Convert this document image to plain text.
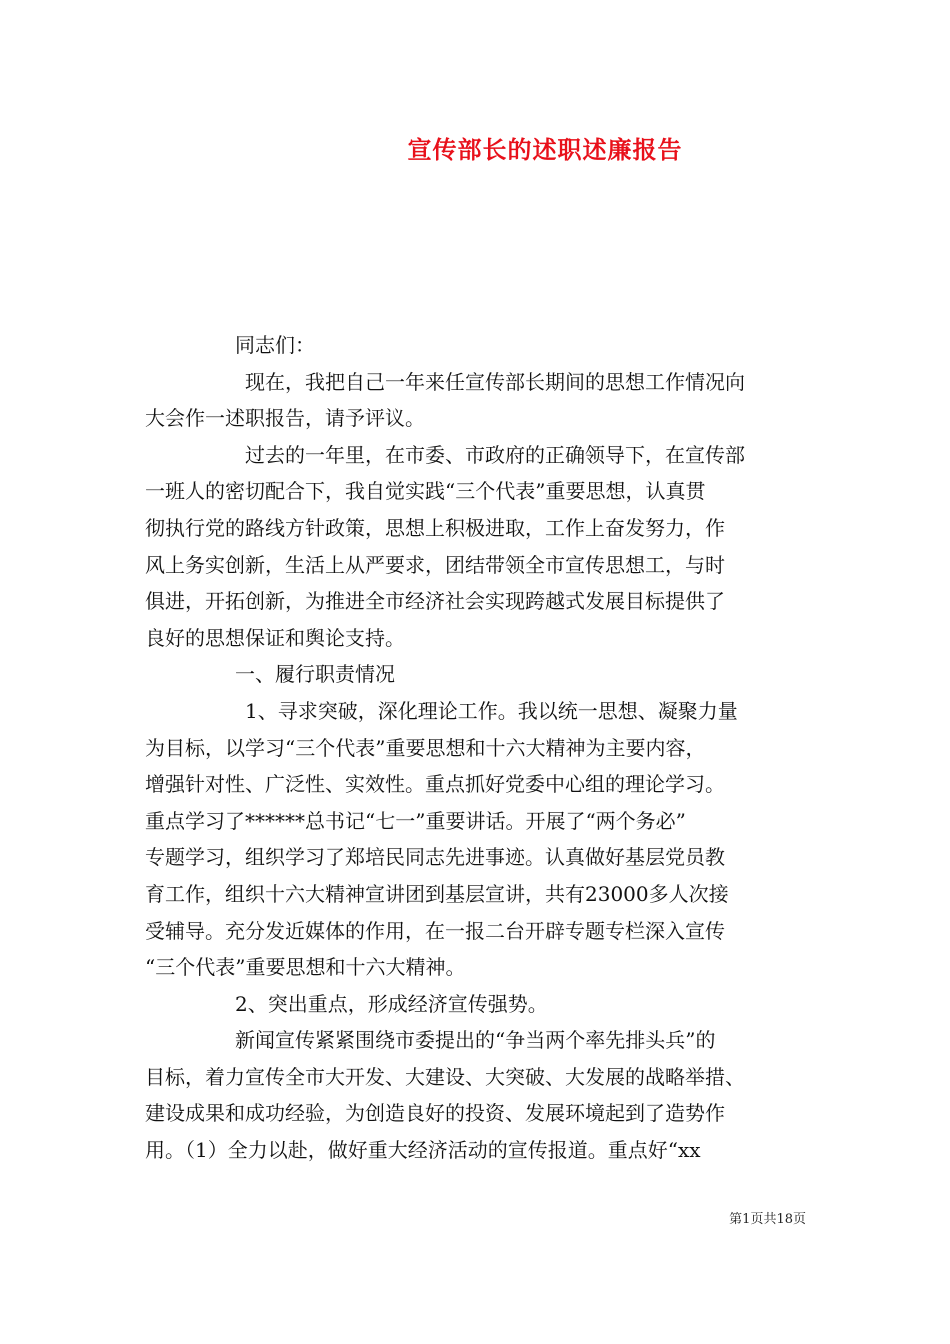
宣传部长的述职述廉报告

同志们：

现在，我把自己一年来任宣传部长期间的思想工作情况向

大会作一述职报告，请予评议。

过去的一年里，在市委、市政府的正确领导下，在宣传部

一班人的密切配合下，我自觉实践“三个代表”重要思想，认真贯

彻执行党的路线方针政策，思想上积极进取，工作上奋发努力，作

风上务实创新，生活上从严要求，团结带领全市宣传思想工，与时

俱进，开拓创新，为推进全市经济社会实现跨越式发展目标提供了

良好的思想保证和舆论支持。

一、履行职责情况

1、寻求突破，深化理论工作。我以统一思想、凝聚力量

为目标，以学习“三个代表”重要思想和十六大精神为主要内容，

增强针对性、广泛性、实效性。重点抓好党委中心组的理论学习。

重点学习了******总书记“七一”重要讲话。开展了“两个务必”

专题学习，组织学习了郑培民同志先进事迹。认真做好基层党员教

育工作，组织十六大精神宣讲团到基层宣讲，共有23000多人次接

受辅导。充分发近媒体的作用，在一报二台开辟专题专栏深入宣传

“三个代表”重要思想和十六大精神。

2、突出重点，形成经济宣传强势。

新闻宣传紧紧围绕市委提出的“争当两个率先排头兵”的

目标，着力宣传全市大开发、大建设、大突破、大发展的战略举措、

建设成果和成功经验，为创造良好的投资、发展环境起到了造势作

用。（1）全力以赴，做好重大经济活动的宣传报道。重点好“xx

第1页共18页
